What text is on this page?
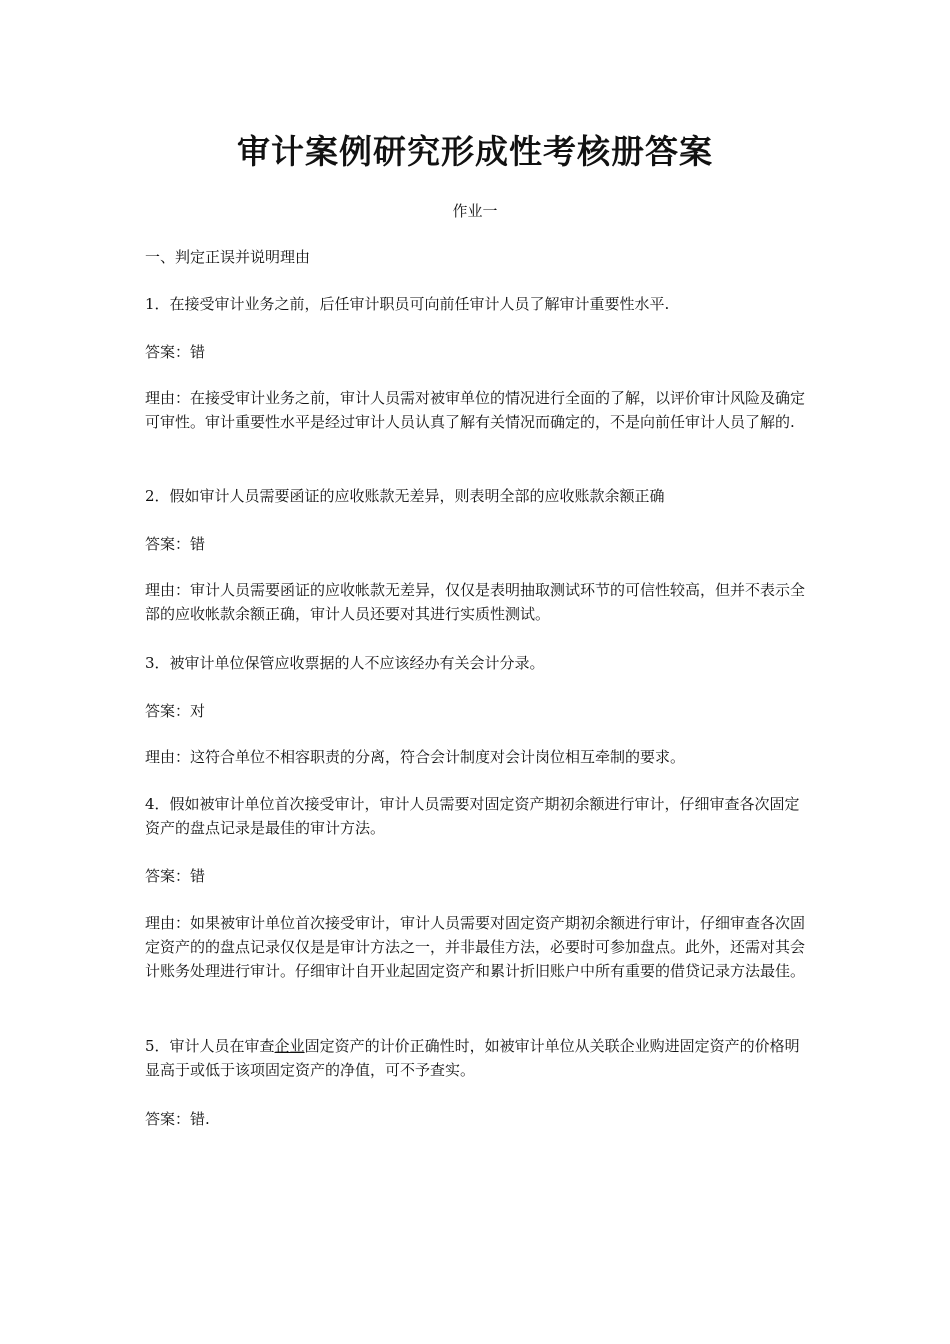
审计案例研究形成性考核册答案
作业一

一、判定正误并说明理由

1．在接受审计业务之前，后任审计职员可向前任审计人员了解审计重要性水平.

答案：错

理由：在接受审计业务之前，审计人员需对被审单位的情况进行全面的了解，以评价审计风险及确定可审性。审计重要性水平是经过审计人员认真了解有关情况而确定的，不是向前任审计人员了解的.

2．假如审计人员需要函证的应收账款无差异，则表明全部的应收账款余额正确

答案：错

理由：审计人员需要函证的应收帐款无差异，仅仅是表明抽取测试环节的可信性较高，但并不表示全部的应收帐款余额正确，审计人员还要对其进行实质性测试。

3．被审计单位保管应收票据的人不应该经办有关会计分录。

答案：对

理由：这符合单位不相容职责的分离，符合会计制度对会计岗位相互牵制的要求。

4．假如被审计单位首次接受审计，审计人员需要对固定资产期初余额进行审计，仔细审查各次固定资产的盘点记录是最佳的审计方法。

答案：错

理由：如果被审计单位首次接受审计，审计人员需要对固定资产期初余额进行审计，仔细审查各次固定资产的的盘点记录仅仅是是审计方法之一，并非最佳方法，必要时可参加盘点。此外，还需对其会计账务处理进行审计。仔细审计自开业起固定资产和累计折旧账户中所有重要的借贷记录方法最佳。

5．审计人员在审查企业固定资产的计价正确性时，如被审计单位从关联企业购进固定资产的价格明显高于或低于该项固定资产的净值，可不予查实。

答案：错.
